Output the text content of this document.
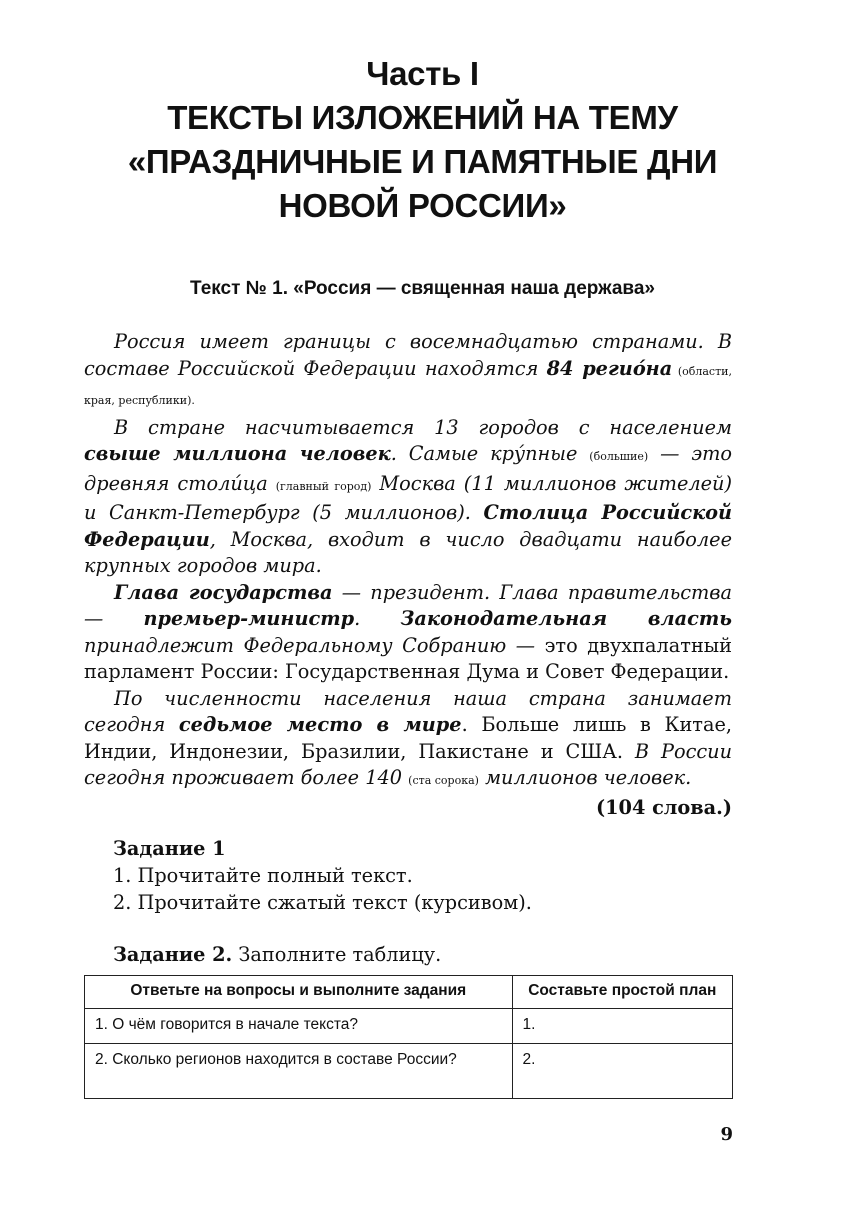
Часть I
ТЕКСТЫ ИЗЛОЖЕНИЙ НА ТЕМУ
«ПРАЗДНИЧНЫЕ И ПАМЯТНЫЕ ДНИ
НОВОЙ РОССИИ»
Текст № 1. «Россия — священная наша держава»

Россия имеет границы с восемнадцатью странами. В составе Российской Федерации находятся 84 регио́на (области, края, республики).

В стране насчитывается 13 городов с населением свыше миллиона человек. Самые кру́пные (большие) — это древняя столи́ца (главный город) Москва (11 миллионов жителей) и Санкт-Петербург (5 миллионов). Столица Российской Федерации, Москва, входит в число двадцати наиболее крупных городов мира.

Глава государства — президент. Глава правительства — премьер-министр. Законодательная власть принадлежит Федеральному Собранию — это двухпалатный парламент России: Государственная Дума и Совет Федерации.

По численности населения наша страна занимает сегодня седьмое место в мире. Больше лишь в Китае, Индии, Индонезии, Бразилии, Пакистане и США. В России сегодня проживает более 140 (ста сорока) миллионов человек.

(104 слова.)

Задание 1
1. Прочитайте полный текст.
2. Прочитайте сжатый текст (курсивом).
Задание 2. Заполните таблицу.
Ответьте на вопросы и выполните задания	Составьте простой план
1. О чём говорится в начале текста?	1.
2. Сколько регионов находится в составе России?	2.
9
